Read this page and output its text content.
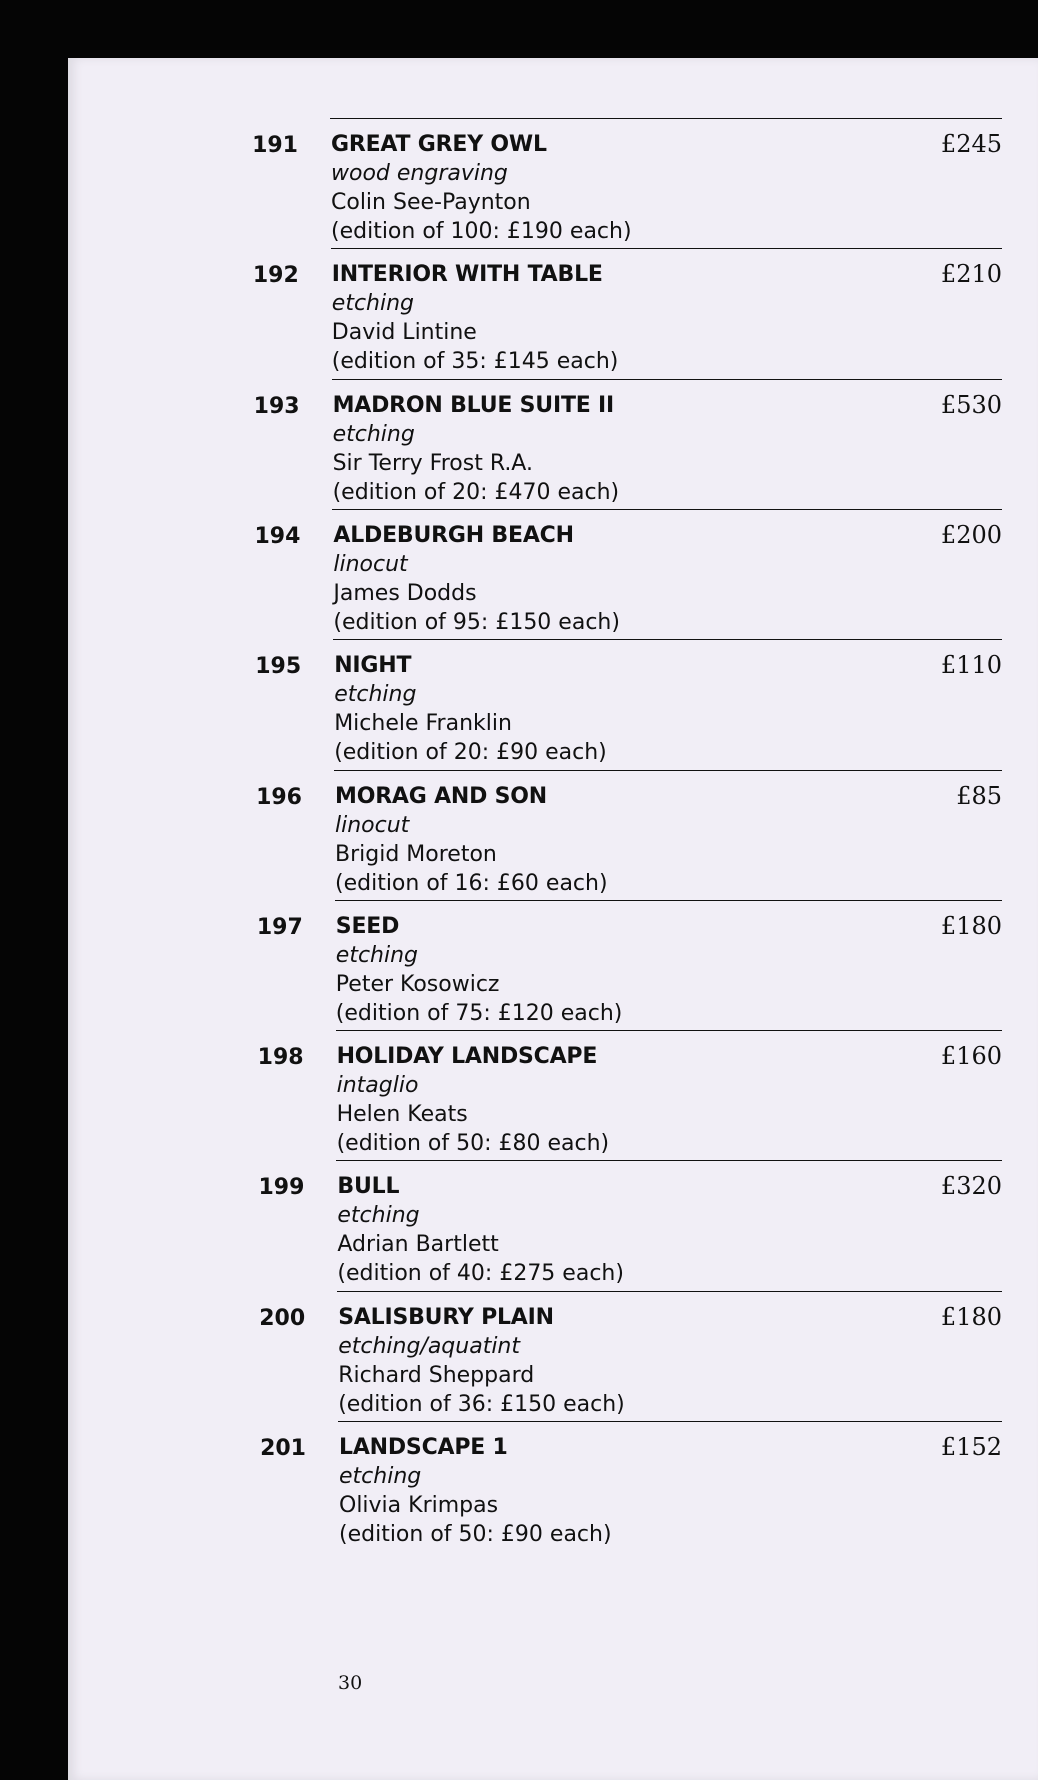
191 GREAT GREY OWL
wood engraving
Colin See-Paynton
(edition of 100: £190 each)
£245
192 INTERIOR WITH TABLE
etching
David Lintine
(edition of 35: £145 each)
£210
193 MADRON BLUE SUITE II
etching
Sir Terry Frost R.A.
(edition of 20: £470 each)
£530
194 ALDEBURGH BEACH
linocut
James Dodds
(edition of 95: £150 each)
£200
195 NIGHT
etching
Michele Franklin
(edition of 20: £90 each)
£110
196 MORAG AND SON
linocut
Brigid Moreton
(edition of 16: £60 each)
£85
197 SEED
etching
Peter Kosowicz
(edition of 75: £120 each)
£180
198 HOLIDAY LANDSCAPE
intaglio
Helen Keats
(edition of 50: £80 each)
£160
199 BULL
etching
Adrian Bartlett
(edition of 40: £275 each)
£320
200 SALISBURY PLAIN
etching/aquatint
Richard Sheppard
(edition of 36: £150 each)
£180
201 LANDSCAPE 1
etching
Olivia Krimpas
(edition of 50: £90 each)
£152
30
